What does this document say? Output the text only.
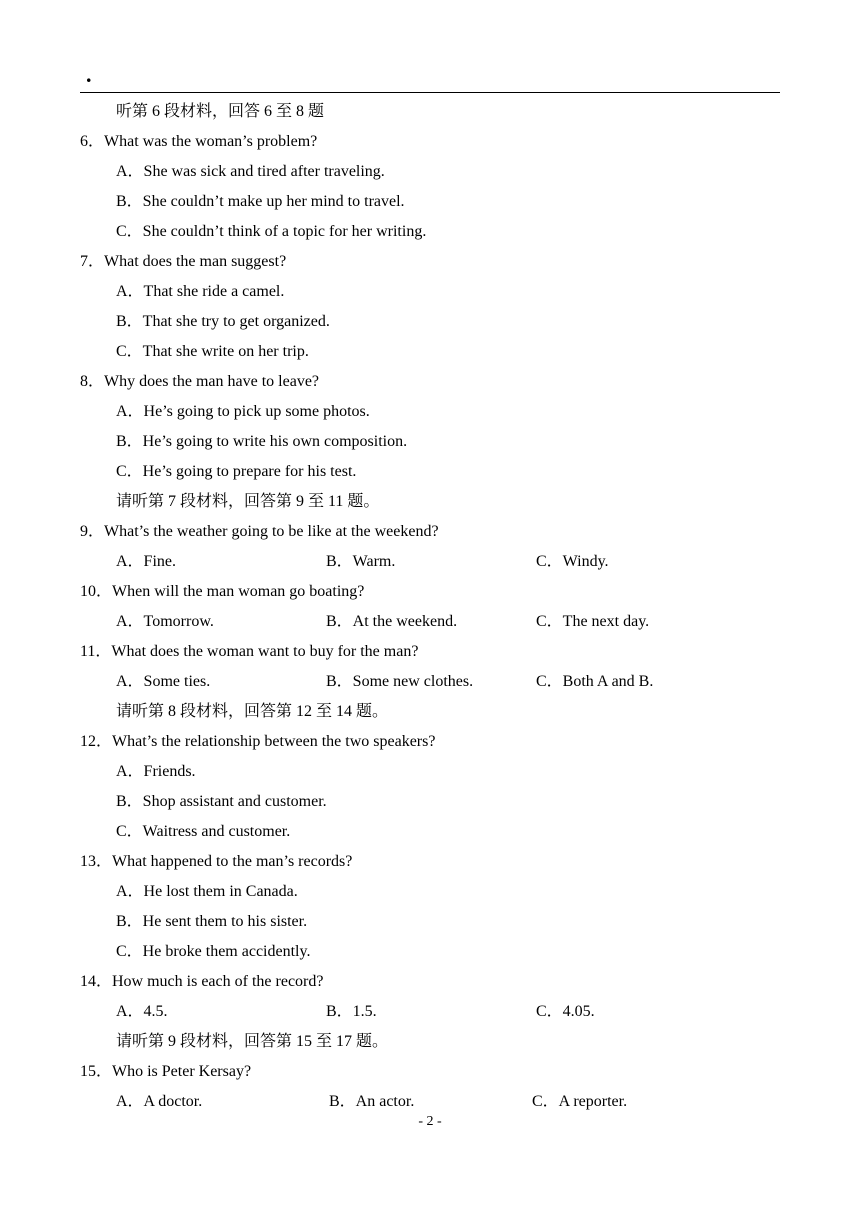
.
听第 6 段材料，回答 6 至 8 题
6．What was the woman’s problem?
A．She was sick and tired after traveling.
B．She couldn’t make up her mind to travel.
C．She couldn’t think of a topic for her writing.
7．What does the man suggest?
A．That she ride a camel.
B．That she try to get organized.
C．That she write on her trip.
8．Why does the man have to leave?
A．He’s going to pick up some photos.
B．He’s going to write his own composition.
C．He’s going to prepare for his test.
请听第 7 段材料，回答第 9 至 11 题。
9．What’s the weather going to be like at the weekend?
A．Fine.	B．Warm.	C．Windy.
10．When will the man woman go boating?
A．Tomorrow.	B．At the weekend.	C．The next day.
11．What does the woman want to buy for the man?
A．Some ties.	B．Some new clothes.	C．Both A and B.
请听第 8 段材料，回答第 12 至 14 题。
12．What’s the relationship between the two speakers?
A．Friends.
B．Shop assistant and customer.
C．Waitress and customer.
13．What happened to the man’s records?
A．He lost them in Canada.
B．He sent them to his sister.
C．He broke them accidently.
14．How much is each of the record?
A．4.5.	B．1.5.	C．4.05.
请听第 9 段材料，回答第 15 至 17 题。
15．Who is Peter Kersay?
A．A doctor.	B．An actor.	C．A reporter.
- 2 -
